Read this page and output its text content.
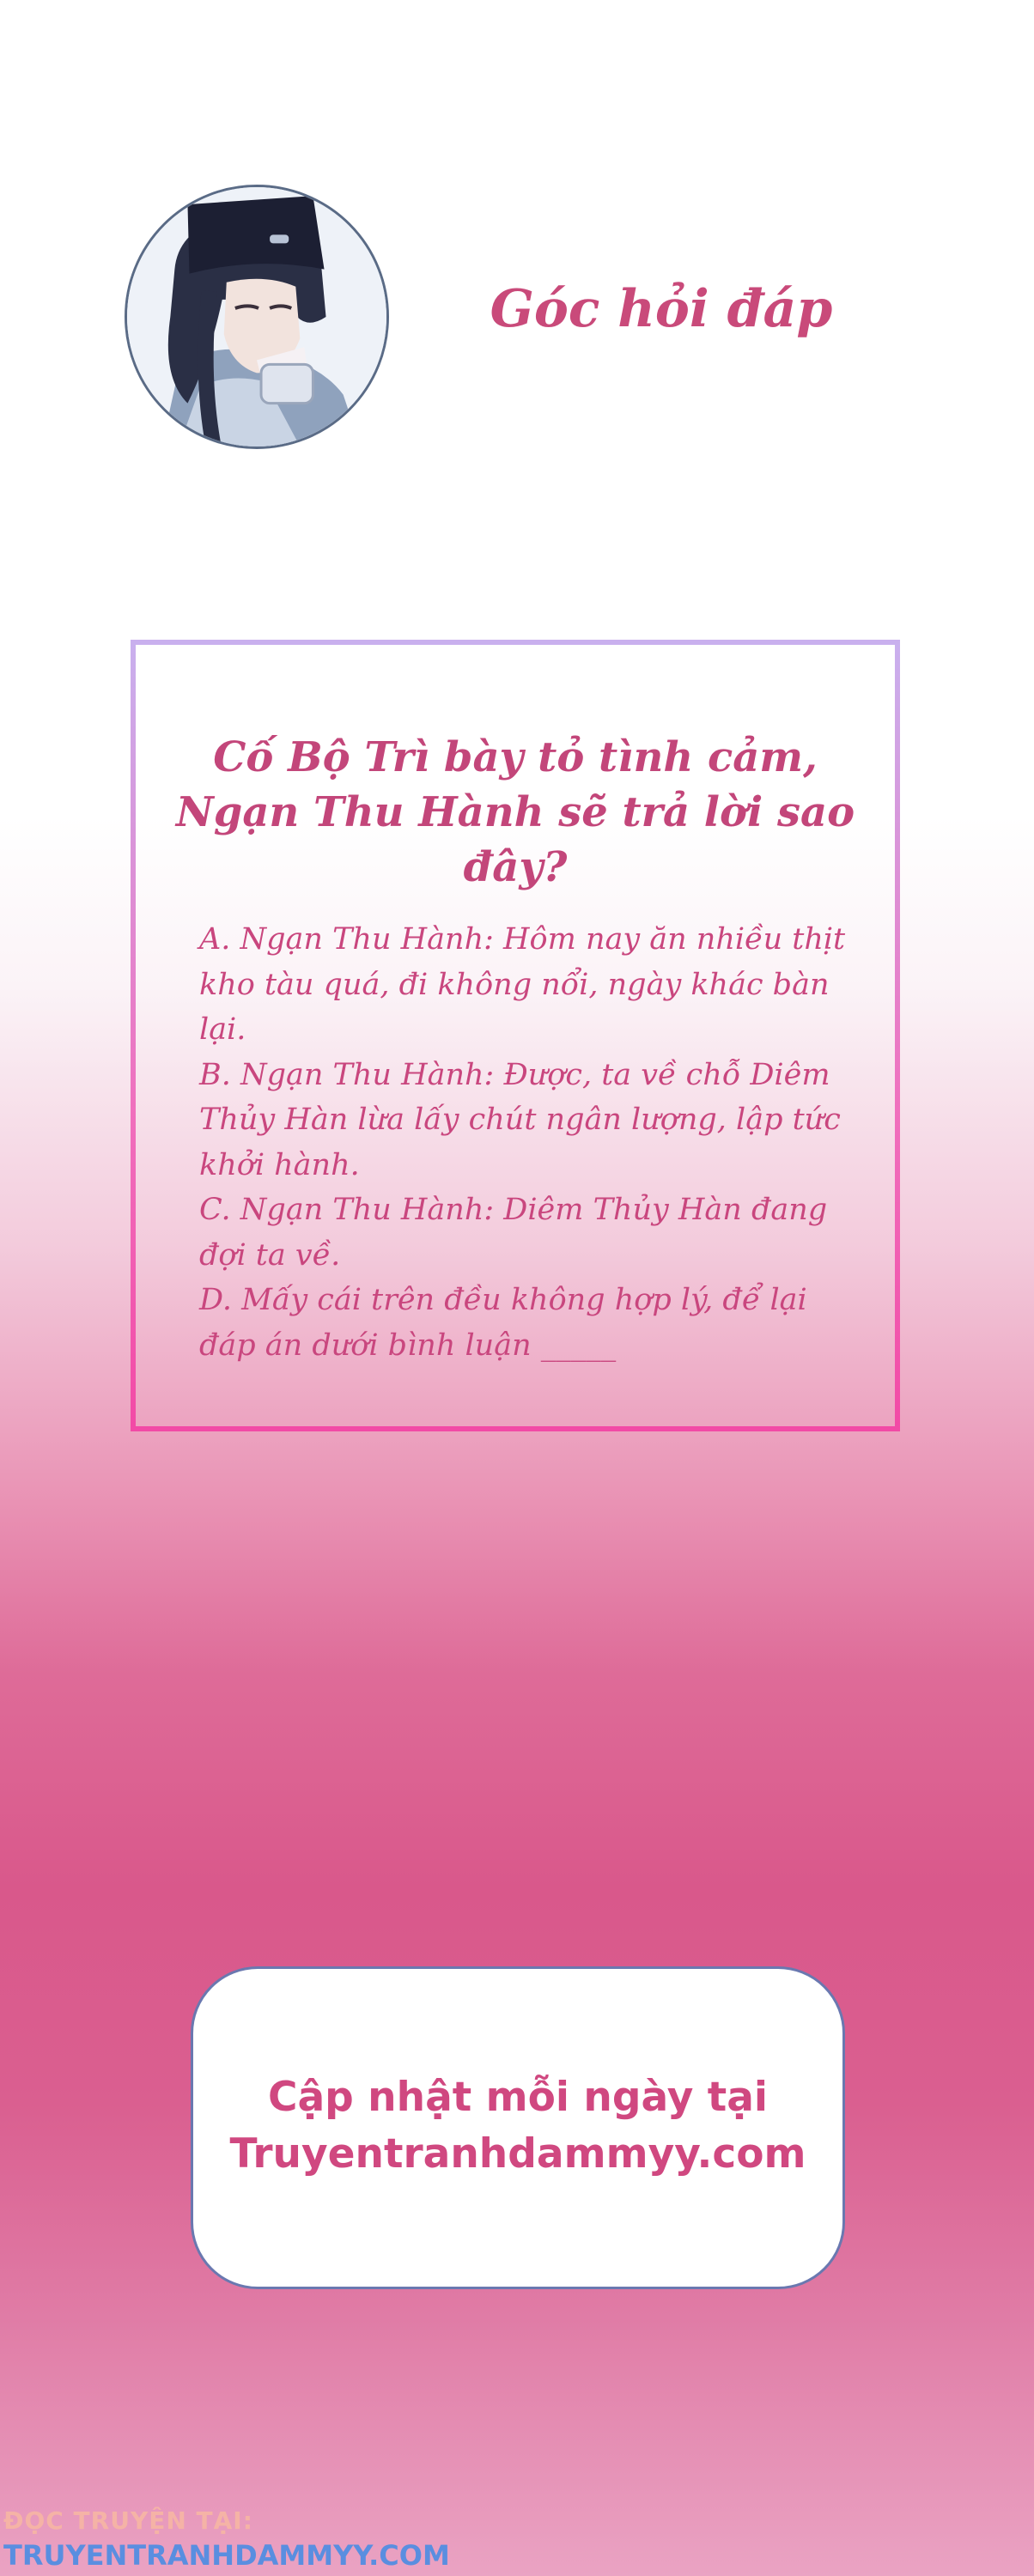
Góc hỏi đáp
Cố Bộ Trì bày tỏ tình cảm, Ngạn Thu Hành sẽ trả lời sao đây?

A. Ngạn Thu Hành: Hôm nay ăn nhiều thịt kho tàu quá, đi không nổi, ngày khác bàn lại.

B. Ngạn Thu Hành: Được, ta về chỗ Diêm Thủy Hàn lừa lấy chút ngân lượng, lập tức khởi hành.

C. Ngạn Thu Hành: Diêm Thủy Hàn đang đợi ta về.

D. Mấy cái trên đều không hợp lý, để lại đáp án dưới bình luận _____

Cập nhật mỗi ngày tại
Truyentranhdammyy.com
ĐỌC TRUYỆN TẠI:
TRUYENTRANHDAMMYY.COM
